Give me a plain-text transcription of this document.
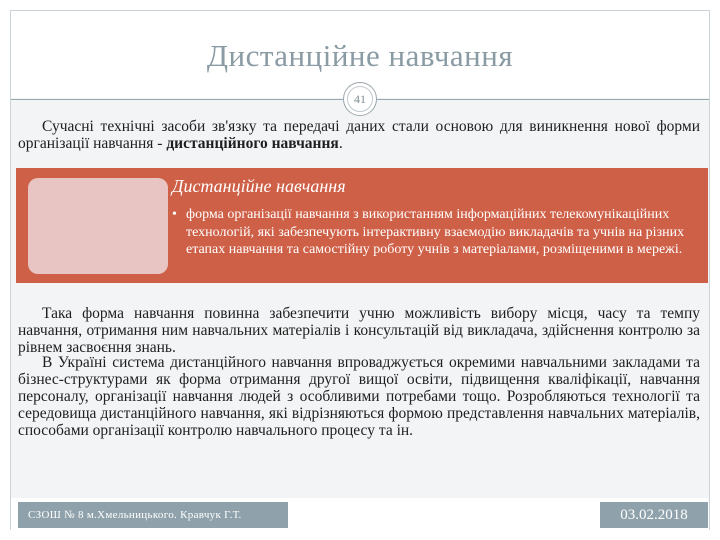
Дистанційне навчання
41

Сучасні технічні засоби зв'язку та передачі даних стали основою для виникнення нової форми організації навчання - дистанційного навчання.

Дистанційне навчання

• форма організації навчання з використанням інформаційних телекомунікаційних технологій, які забезпечують інтерактивну взаємодію викладачів та учнів на різних етапах навчання та самостійну роботу учнів з матеріалами, розміщеними в мережі.

Така форма навчання повинна забезпечити учню можливість вибору місця, часу та темпу навчання, отримання ним навчальних матеріалів і консультацій від викладача, здійснення контролю за рівнем засвоєння знань.

В Україні система дистанційного навчання впроваджується окремими навчальними закладами та бізнес-структурами як форма отримання другої вищої освіти, підвищення кваліфікації, навчання персоналу, організації навчання людей з особливими потребами тощо. Розробляються технології та середовища дистанційного навчання, які відрізняються формою представлення навчальних матеріалів, способами організації контролю навчального процесу та ін.

СЗОШ № 8 м.Хмельницького. Кравчук Г.Т.	03.02.2018
